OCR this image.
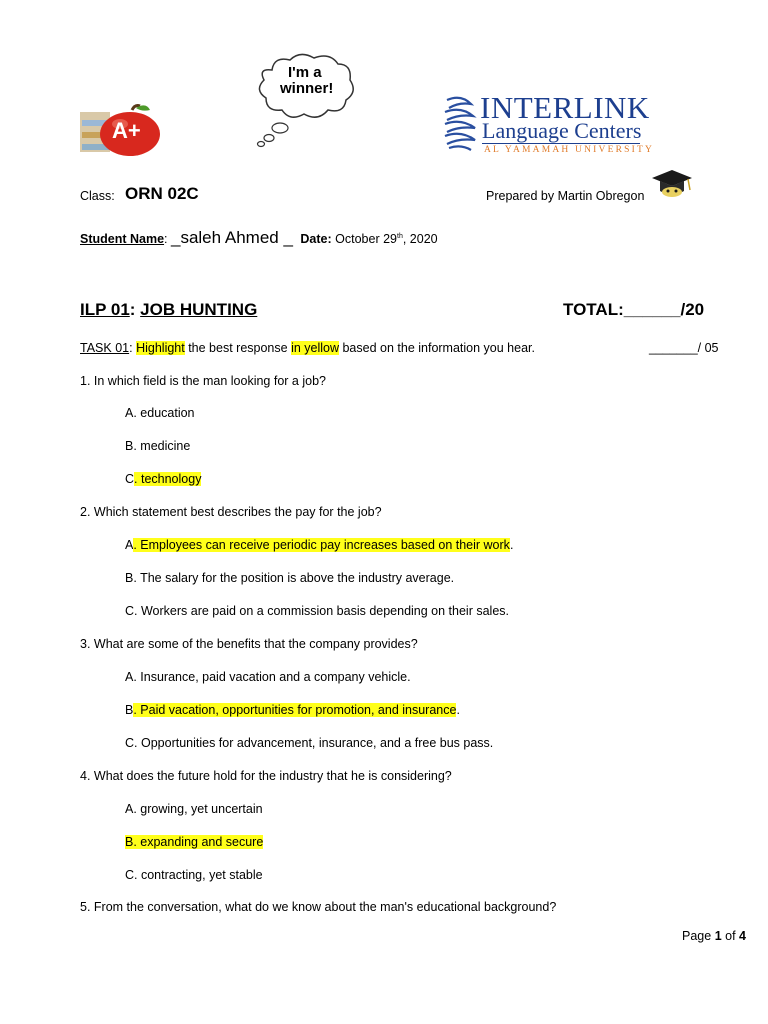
A+
I'm a
winner!
INTERLINK
Language Centers
AL YAMAMAH UNIVERSITY
Class: ORN 02C	Prepared by Martin Obregon
Student Name: _saleh Ahmed _ Date: October 29th, 2020
ILP 01: JOB HUNTING	TOTAL:______/20
TASK 01: Highlight the best response in yellow based on the information you hear.	_______/ 05
1. In which field is the man looking for a job?
A. education
B. medicine
C. technology
2. Which statement best describes the pay for the job?
A. Employees can receive periodic pay increases based on their work.
B. The salary for the position is above the industry average.
C. Workers are paid on a commission basis depending on their sales.
3. What are some of the benefits that the company provides?
A. Insurance, paid vacation and a company vehicle.
B. Paid vacation, opportunities for promotion, and insurance.
C. Opportunities for advancement, insurance, and a free bus pass.
4. What does the future hold for the industry that he is considering?
A. growing, yet uncertain
B. expanding and secure
C. contracting, yet stable
5. From the conversation, what do we know about the man's educational background?
Page 1 of 4
